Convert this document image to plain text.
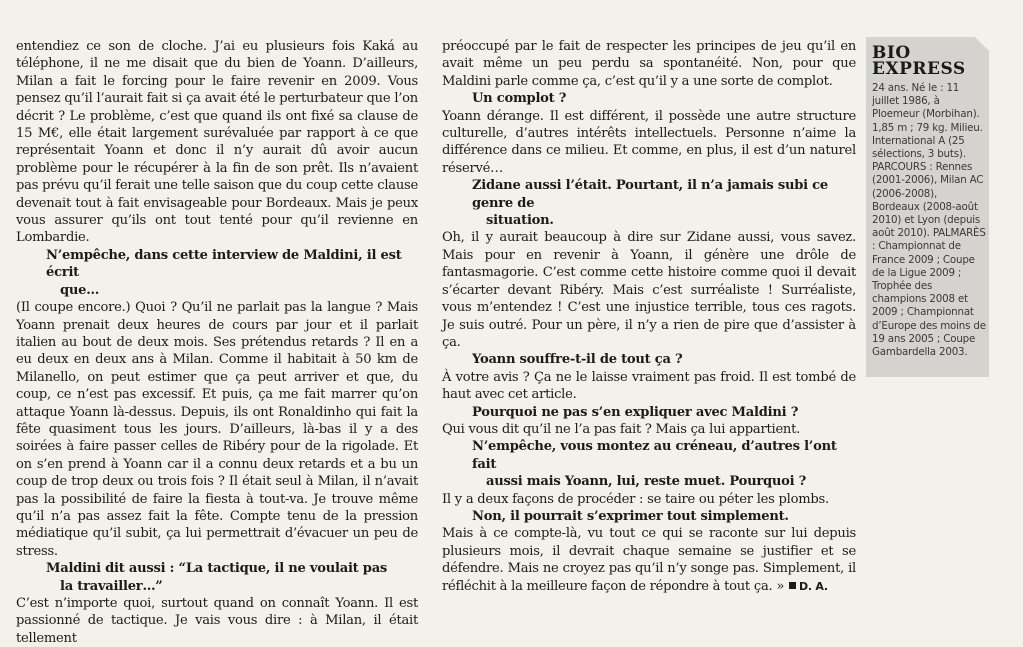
entendiez ce son de cloche. J’ai eu plusieurs fois Kaká au téléphone, il ne me disait que du bien de Yoann. D’ailleurs, Milan a fait le forcing pour le faire revenir en 2009. Vous pensez qu’il l’aurait fait si ça avait été le perturbateur que l’on décrit ? Le problème, c’est que quand ils ont fixé sa clause de 15 M€, elle était largement surévaluée par rapport à ce que représentait Yoann et donc il n’y aurait dû avoir aucun problème pour le récupérer à la fin de son prêt. Ils n’avaient pas prévu qu’il ferait une telle saison que du coup cette clause devenait tout à fait envisageable pour Bordeaux. Mais je peux vous assurer qu’ils ont tout tenté pour qu’il revienne en Lombardie.

N’empêche, dans cette interview de Maldini, il est écrit
que…

(Il coupe encore.) Quoi ? Qu’il ne parlait pas la langue ? Mais Yoann prenait deux heures de cours par jour et il parlait italien au bout de deux mois. Ses prétendus retards ? Il en a eu deux en deux ans à Milan. Comme il habitait à 50 km de Milanello, on peut estimer que ça peut arriver et que, du coup, ce n’est pas excessif. Et puis, ça me fait marrer qu’on attaque Yoann là-dessus. Depuis, ils ont Ronaldinho qui fait la fête quasiment tous les jours. D’ailleurs, là-bas il y a des soirées à faire passer celles de Ribéry pour de la rigolade. Et on s’en prend à Yoann car il a connu deux retards et a bu un coup de trop deux ou trois fois ? Il était seul à Milan, il n’avait pas la possibilité de faire la fiesta à tout-va. Je trouve même qu’il n’a pas assez fait la fête. Compte tenu de la pression médiatique qu’il subit, ça lui permettrait d’évacuer un peu de stress.

Maldini dit aussi : “La tactique, il ne voulait pas
la travailler…”

C’est n’importe quoi, surtout quand on connaît Yoann. Il est passionné de tactique. Je vais vous dire : à Milan, il était tellement

préoccupé par le fait de respecter les principes de jeu qu’il en avait même un peu perdu sa spontanéité. Non, pour que Maldini parle comme ça, c’est qu’il y a une sorte de complot.

Un complot ?

Yoann dérange. Il est différent, il possède une autre structure culturelle, d’autres intérêts intellectuels. Personne n’aime la différence dans ce milieu. Et comme, en plus, il est d’un naturel réservé…

Zidane aussi l’était. Pourtant, il n’a jamais subi ce genre de
situation.

Oh, il y aurait beaucoup à dire sur Zidane aussi, vous savez. Mais pour en revenir à Yoann, il génère une drôle de fantasmagorie. C’est comme cette histoire comme quoi il devait s’écarter devant Ribéry. Mais c’est surréaliste ! Surréaliste, vous m’entendez ! C’est une injustice terrible, tous ces ragots. Je suis outré. Pour un père, il n’y a rien de pire que d’assister à ça.

Yoann souffre-t-il de tout ça ?

À votre avis ? Ça ne le laisse vraiment pas froid. Il est tombé de haut avec cet article.

Pourquoi ne pas s’en expliquer avec Maldini ?

Qui vous dit qu’il ne l’a pas fait ? Mais ça lui appartient.

N’empêche, vous montez au créneau, d’autres l’ont fait
aussi mais Yoann, lui, reste muet. Pourquoi ?

Il y a deux façons de procéder : se taire ou péter les plombs.

Non, il pourrait s’exprimer tout simplement.

Mais à ce compte-là, vu tout ce qui se raconte sur lui depuis plusieurs mois, il devrait chaque semaine se justifier et se défendre. Mais ne croyez pas qu’il n’y songe pas. Simplement, il réfléchit à la meilleure façon de répondre à tout ça. » D. A.

BIO
EXPRESS
24 ans. Né le : 11 juillet 1986, à Ploemeur (Morbihan). 1,85 m ; 79 kg. Milieu. International A (25 sélections, 3 buts). PARCOURS : Rennes (2001-2006), Milan AC (2006-2008), Bordeaux (2008-août 2010) et Lyon (depuis août 2010). PALMARÈS : Championnat de France 2009 ; Coupe de la Ligue 2009 ; Trophée des champions 2008 et 2009 ; Championnat d’Europe des moins de 19 ans 2005 ; Coupe Gambardella 2003.
